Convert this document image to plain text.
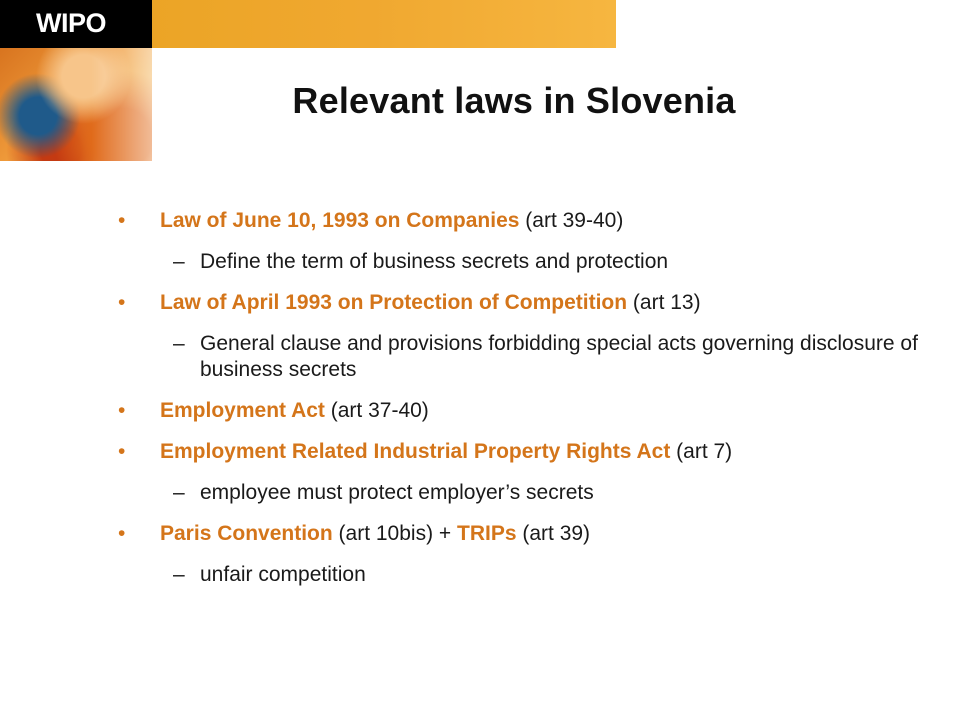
WIPO
Relevant laws in Slovenia
• Law of June 10, 1993 on Companies (art 39-40)
– Define the term of business secrets and protection
• Law of April 1993 on Protection of Competition (art 13)
– General clause and provisions forbidding special acts governing disclosure of business secrets
• Employment Act (art 37-40)
• Employment Related Industrial Property Rights Act (art 7)
– employee must protect employer’s secrets
• Paris Convention (art 10bis) + TRIPs (art 39)
– unfair competition
